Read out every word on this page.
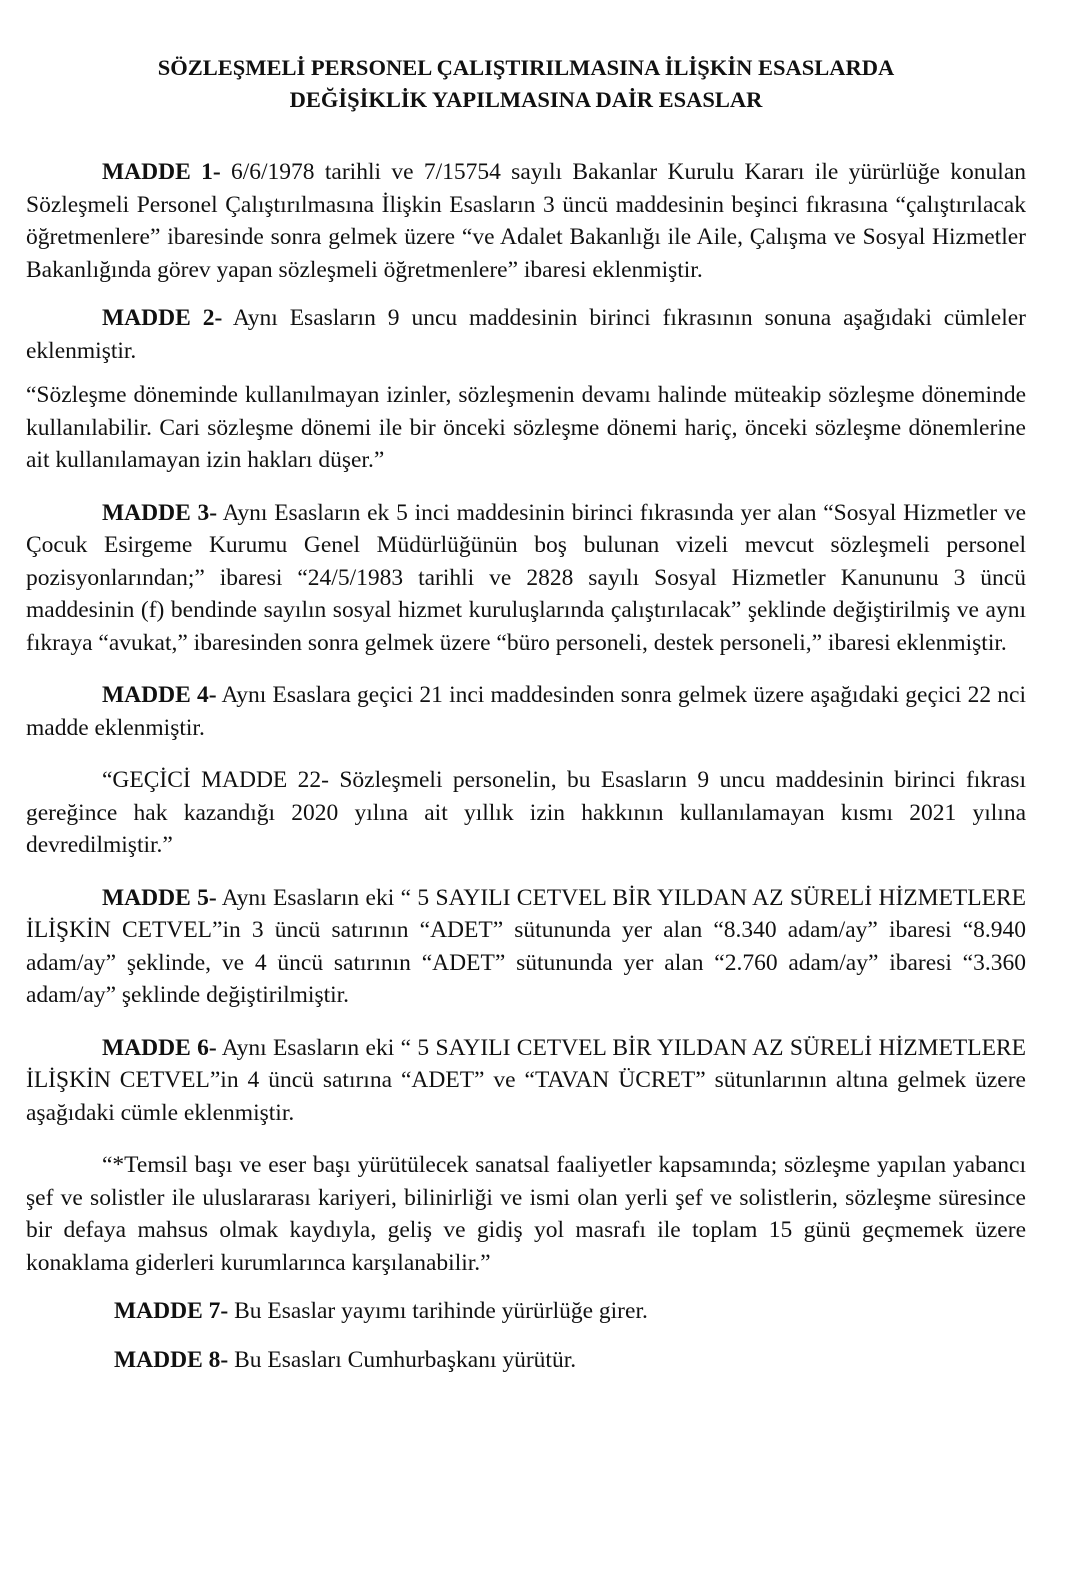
SÖZLEŞMELİ PERSONEL ÇALIŞTIRILMASINA İLİŞKİN ESASLARDA
DEĞİŞİKLİK YAPILMASINA DAİR ESASLAR

MADDE 1- 6/6/1978 tarihli ve 7/15754 sayılı Bakanlar Kurulu Kararı ile yürürlüğe konulan Sözleşmeli Personel Çalıştırılmasına İlişkin Esasların 3 üncü maddesinin beşinci fıkrasına “çalıştırılacak öğretmenlere” ibaresinde sonra gelmek üzere “ve Adalet Bakanlığı ile Aile, Çalışma ve Sosyal Hizmetler Bakanlığında görev yapan sözleşmeli öğretmenlere” ibaresi eklenmiştir.

MADDE 2- Aynı Esasların 9 uncu maddesinin birinci fıkrasının sonuna aşağıdaki cümleler eklenmiştir.

“Sözleşme döneminde kullanılmayan izinler, sözleşmenin devamı halinde müteakip sözleşme döneminde kullanılabilir. Cari sözleşme dönemi ile bir önceki sözleşme dönemi hariç, önceki sözleşme dönemlerine ait kullanılamayan izin hakları düşer.”

MADDE 3- Aynı Esasların ek 5 inci maddesinin birinci fıkrasında yer alan “Sosyal Hizmetler ve Çocuk Esirgeme Kurumu Genel Müdürlüğünün boş bulunan vizeli mevcut sözleşmeli personel pozisyonlarından;” ibaresi “24/5/1983 tarihli ve 2828 sayılı Sosyal Hizmetler Kanununu 3 üncü maddesinin (f) bendinde sayılın sosyal hizmet kuruluşlarında çalıştırılacak” şeklinde değiştirilmiş ve aynı fıkraya “avukat,” ibaresinden sonra gelmek üzere “büro personeli, destek personeli,” ibaresi eklenmiştir.

MADDE 4- Aynı Esaslara geçici 21 inci maddesinden sonra gelmek üzere aşağıdaki geçici 22 nci madde eklenmiştir.

“GEÇİCİ MADDE 22- Sözleşmeli personelin, bu Esasların 9 uncu maddesinin birinci fıkrası gereğince hak kazandığı 2020 yılına ait yıllık izin hakkının kullanılamayan kısmı 2021 yılına devredilmiştir.”

MADDE 5- Aynı Esasların eki “ 5 SAYILI CETVEL BİR YILDAN AZ SÜRELİ HİZMETLERE İLİŞKİN CETVEL”in 3 üncü satırının “ADET” sütununda yer alan “8.340 adam/ay” ibaresi “8.940 adam/ay” şeklinde, ve 4 üncü satırının “ADET” sütununda yer alan “2.760 adam/ay” ibaresi “3.360 adam/ay” şeklinde değiştirilmiştir.

MADDE 6- Aynı Esasların eki “ 5 SAYILI CETVEL BİR YILDAN AZ SÜRELİ HİZMETLERE İLİŞKİN CETVEL”in 4 üncü satırına “ADET” ve “TAVAN ÜCRET” sütunlarının altına gelmek üzere aşağıdaki cümle eklenmiştir.

“*Temsil başı ve eser başı yürütülecek sanatsal faaliyetler kapsamında; sözleşme yapılan yabancı şef ve solistler ile uluslararası kariyeri, bilinirliği ve ismi olan yerli şef ve solistlerin, sözleşme süresince bir defaya mahsus olmak kaydıyla, geliş ve gidiş yol masrafı ile toplam 15 günü geçmemek üzere konaklama giderleri kurumlarınca karşılanabilir.”

MADDE 7- Bu Esaslar yayımı tarihinde yürürlüğe girer.

MADDE 8- Bu Esasları Cumhurbaşkanı yürütür.
